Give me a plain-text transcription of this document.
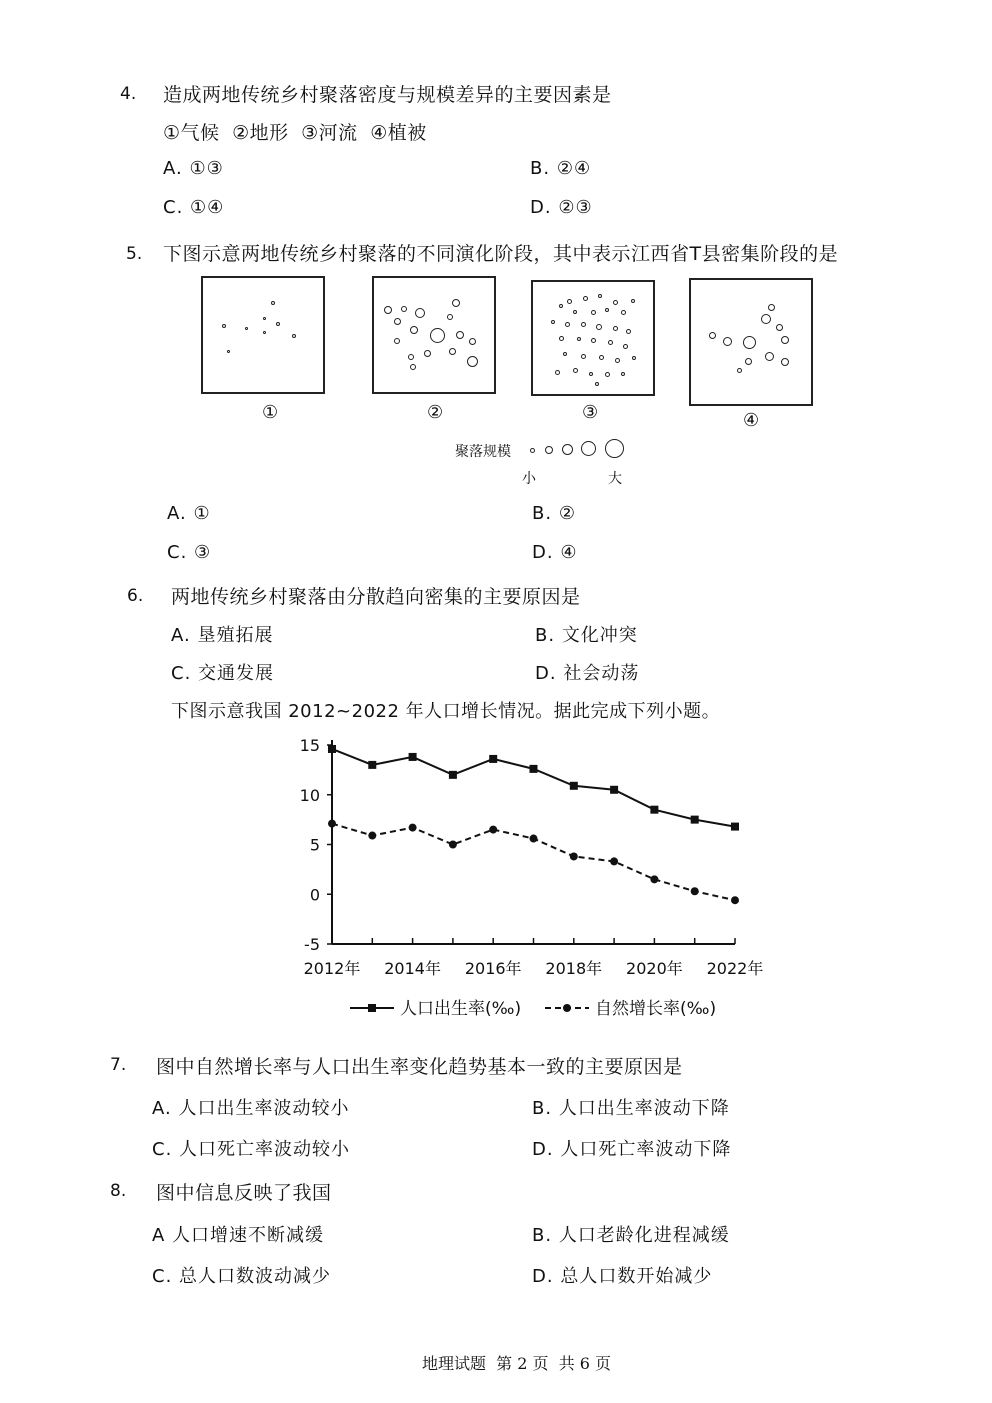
4. 造成两地传统乡村聚落密度与规模差异的主要因素是
①气候 ②地形 ③河流 ④植被
A. ①③	B. ②④
C. ①④	D. ②③
5. 下图示意两地传统乡村聚落的不同演化阶段，其中表示江西省T县密集阶段的是
①	②	③	④
聚落规模
小	大
A. ①	B. ②
C. ③	D. ④
6. 两地传统乡村聚落由分散趋向密集的主要原因是
A. 垦殖拓展	B. 文化冲突
C. 交通发展	D. 社会动荡
下图示意我国 2012~2022 年人口增长情况。据此完成下列小题。
15
10
5
0
-5
2012年 2014年 2016年 2018年 2020年 2022年
人口出生率(‰)	自然增长率(‰)
7. 图中自然增长率与人口出生率变化趋势基本一致的主要原因是
A. 人口出生率波动较小	B. 人口出生率波动下降
C. 人口死亡率波动较小	D. 人口死亡率波动下降
8. 图中信息反映了我国
A 人口增速不断减缓	B. 人口老龄化进程减缓
C. 总人口数波动减少	D. 总人口数开始减少
地理试题  第 2 页  共 6 页
